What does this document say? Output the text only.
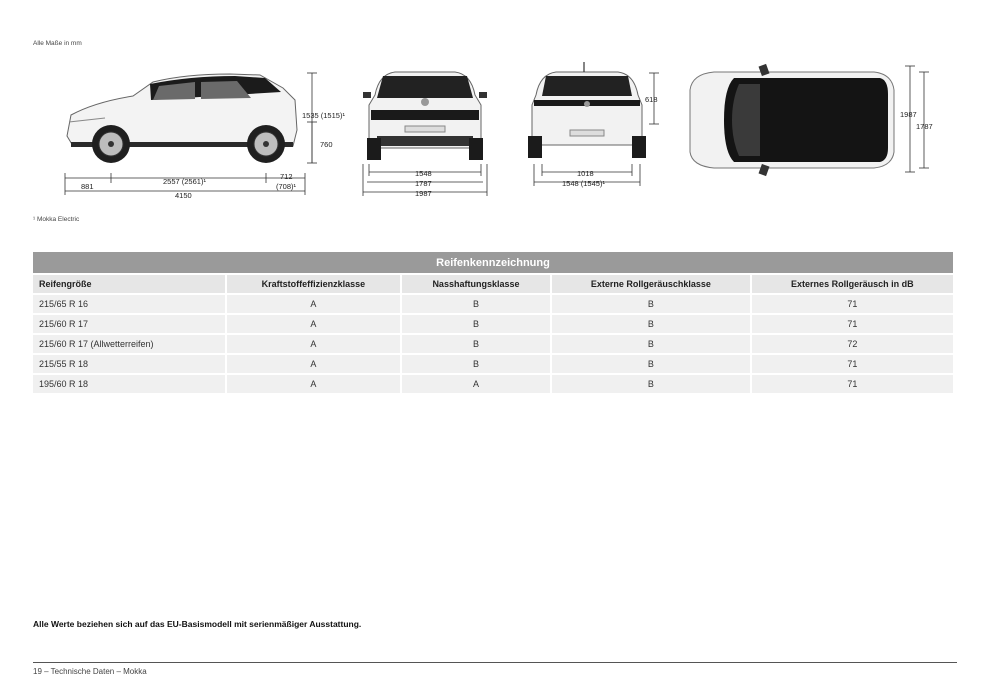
Alle Maße in mm
1535 (1515)¹
760
881
2557 (2561)¹
712
(708)¹
4150
1548
1787
1987
618
1018
1548 (1545)¹
1987
1787
¹ Mokka Electric
Reifenkennzeichnung				
Reifengröße	Kraftstoffeffizienzklasse	Nasshaftungsklasse	Externe Rollgeräuschklasse	Externes Rollgeräusch in dB
215/65 R 16	A	B	B	71
215/60 R 17	A	B	B	71
215/60 R 17 (Allwetterreifen)	A	B	B	72
215/55 R 18	A	B	B	71
195/60 R 18	A	A	B	71
Alle Werte beziehen sich auf das EU-Basismodell mit serienmäßiger Ausstattung.
19 – Technische Daten – Mokka
